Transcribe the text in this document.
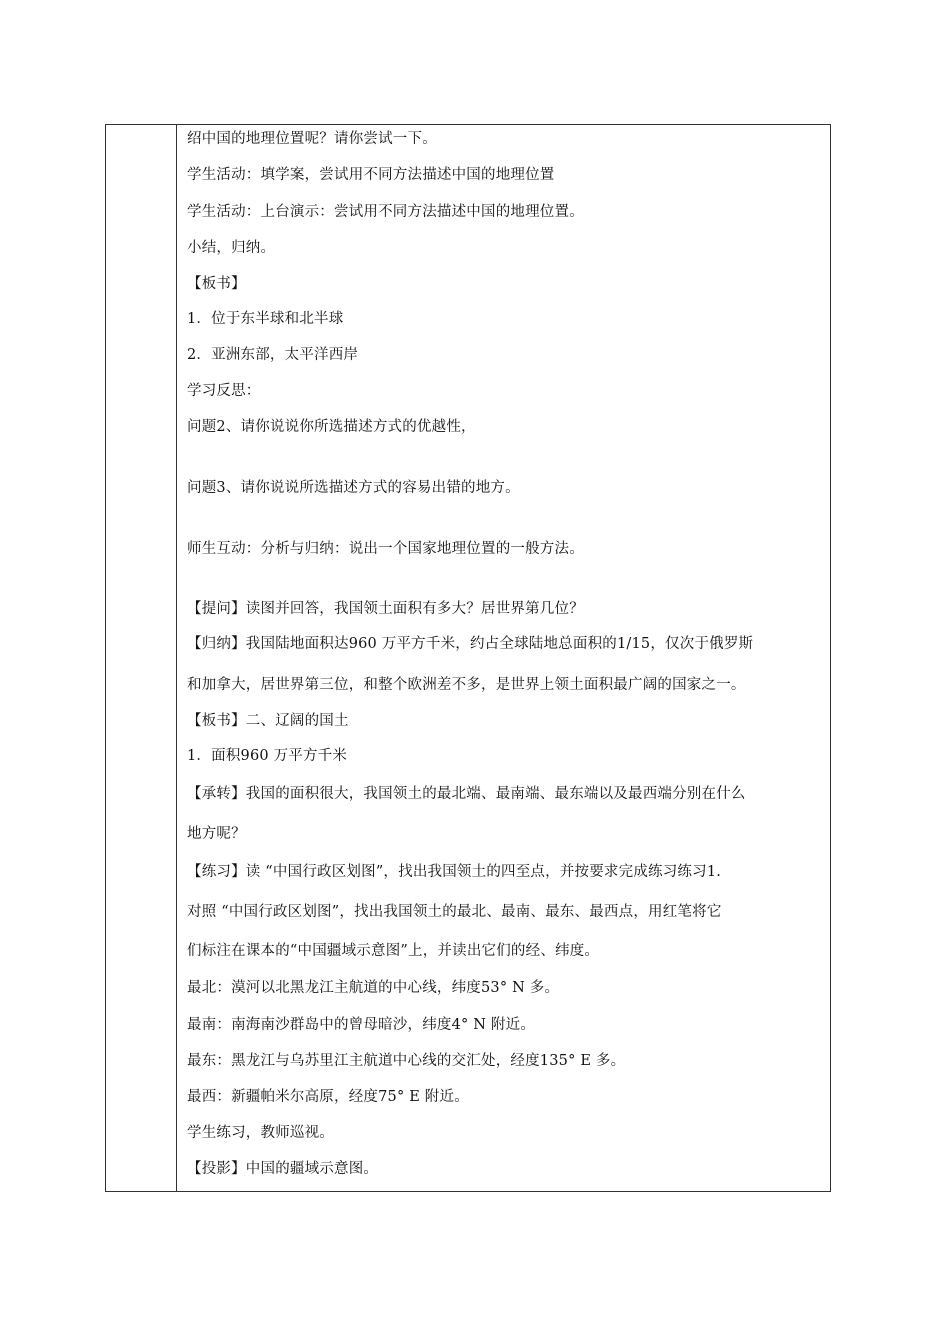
绍中国的地理位置呢？请你尝试一下。
学生活动：填学案，尝试用不同方法描述中国的地理位置
学生活动：上台演示：尝试用不同方法描述中国的地理位置。
小结，归纳。
【板书】
1．位于东半球和北半球
2．亚洲东部，太平洋西岸
学习反思：
问题2、请你说说你所选描述方式的优越性，
问题3、请你说说所选描述方式的容易出错的地方。
师生互动：分析与归纳：说出一个国家地理位置的一般方法。
【提问】读图并回答，我国领土面积有多大？居世界第几位？
【归纳】我国陆地面积达960 万平方千米，约占全球陆地总面积的1/15，仅次于俄罗斯
和加拿大，居世界第三位，和整个欧洲差不多，是世界上领土面积最广阔的国家之一。
【板书】二、辽阔的国土
1．面积960 万平方千米
【承转】我国的面积很大，我国领土的最北端、最南端、最东端以及最西端分别在什么
地方呢？
【练习】读 “中国行政区划图”，找出我国领土的四至点，并按要求完成练习练习1.
对照 “中国行政区划图”，找出我国领土的最北、最南、最东、最西点，用红笔将它
们标注在课本的“中国疆域示意图”上，并读出它们的经、纬度。
最北：漠河以北黑龙江主航道的中心线，纬度53° N 多。
最南：南海南沙群岛中的曾母暗沙，纬度4° N 附近。
最东：黑龙江与乌苏里江主航道中心线的交汇处，经度135° E 多。
最西：新疆帕米尔高原，经度75° E 附近。
学生练习，教师巡视。
【投影】中国的疆域示意图。
